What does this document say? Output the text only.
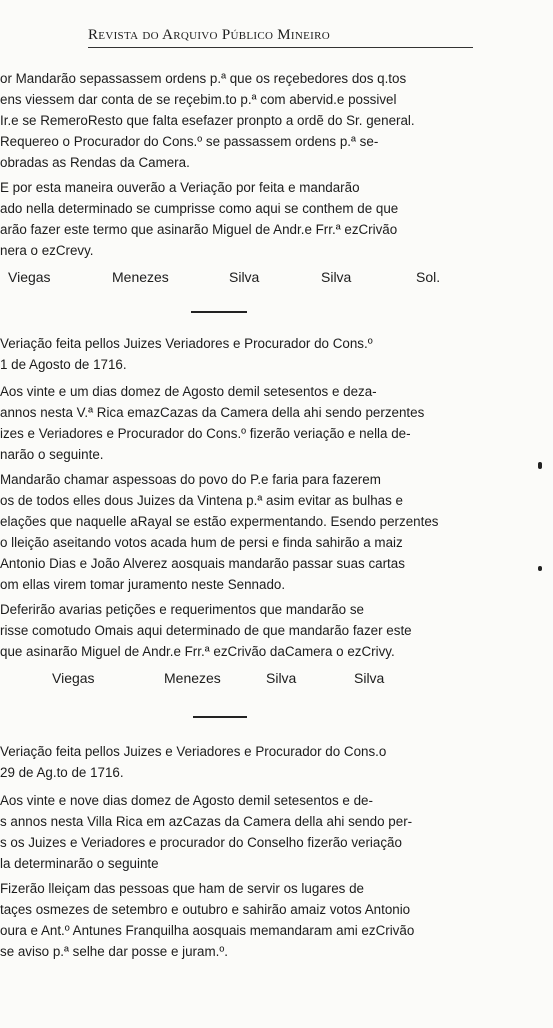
Revista do Arquivo Público Mineiro
or Mandarão sepassassem ordens p.ª que os reçebedores dos q.tos
ens viessem dar conta de se reçebim.to p.ª com abervid.e possivel
Ir.e se RemeroResto que falta esefazer pronpto a ordẽ do Sr. general.
Requereo o Procurador do Cons.º se passassem ordens p.ª se-
obradas as Rendas da Camera.
E por esta maneira ouverão a Veriação por feita e mandarão
ado nella determinado se cumprisse como aqui se conthem de que
arão fazer este termo que asinarão Miguel de Andr.e Frr.ª ezCrivão
nera o ezCrevy.
Viegas	Menezes	Silva	Silva	Sol.
Veriação feita pellos Juizes Veriadores e Procurador do Cons.º
1 de Agosto de 1716.
Aos vinte e um dias domez de Agosto demil setesentos e deza-
annos nesta V.ª Rica emazCazas da Camera della ahi sendo perzentes
izes e Veriadores e Procurador do Cons.º fizerão veriação e nella de-
narão o seguinte.
Mandarão chamar aspessoas do povo do P.e faria para fazerem
os de todos elles dous Juizes da Vintena p.ª asim evitar as bulhas e
elações que naquelle aRayal se estão expermentando. Esendo perzentes
o lleição aseitando votos acada hum de persi e finda sahirão a maiz
Antonio Dias e João Alverez aosquais mandarão passar suas cartas
om ellas virem tomar juramento neste Sennado.
Deferirão avarias petições e requerimentos que mandarão se
risse comotudo Omais aqui determinado de que mandarão fazer este
que asinarão Miguel de Andr.e Frr.ª ezCrivão daCamera o ezCrivy.
Viegas	Menezes	Silva	Silva
Veriação feita pellos Juizes e Veriadores e Procurador do Cons.o
29 de Ag.to de 1716.
Aos vinte e nove dias domez de Agosto demil setesentos e de-
s annos nesta Villa Rica em azCazas da Camera della ahi sendo per-
s os Juizes e Veriadores e procurador do Conselho fizerão veriação
la determinarão o seguinte
Fizerão lleiçam das pessoas que ham de servir os lugares de
taçes osmezes de setembro e outubro e sahirão amaiz votos Antonio
oura e Ant.º Antunes Franquilha aosquais memandaram ami ezCrivão
se aviso p.ª selhe dar posse e juram.º.
